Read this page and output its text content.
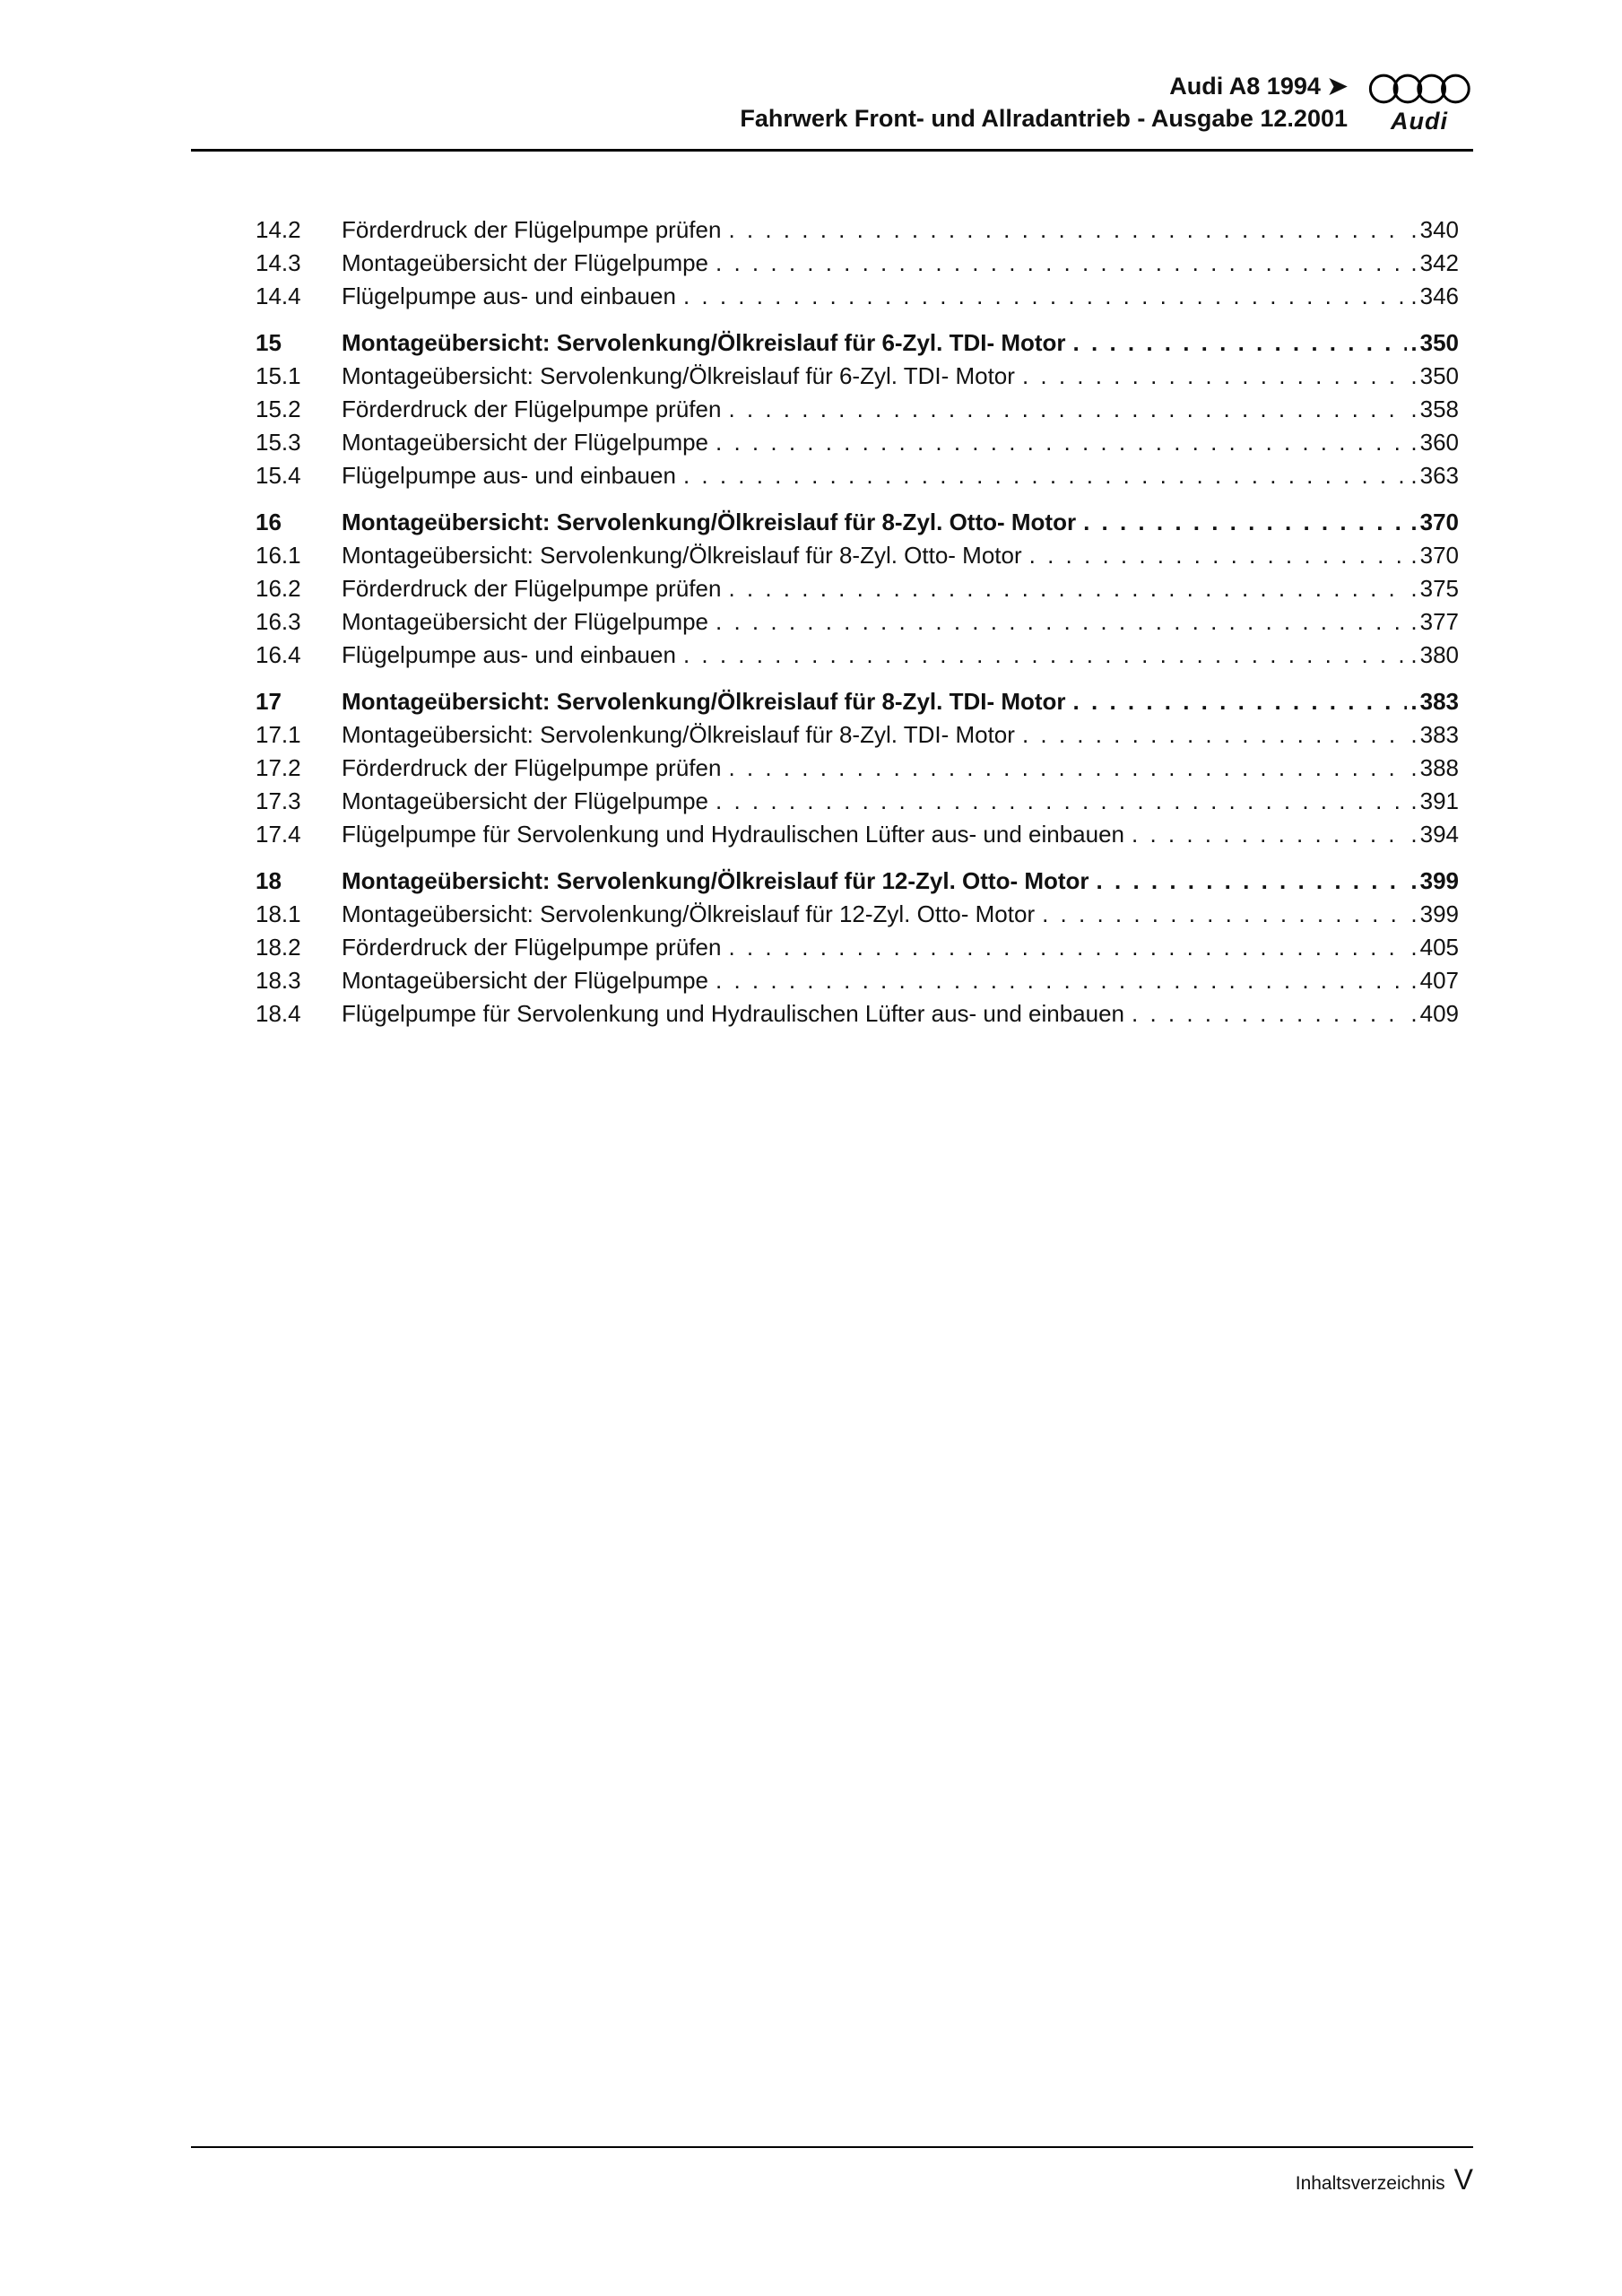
Audi A8 1994 ➤
Fahrwerk Front- und Allradantrieb - Ausgabe 12.2001 Audi
14.2	Förderdruck der Flügelpumpe prüfen . . .	. 340
14.3	Montageübersicht der Flügelpumpe . . .	. 342
14.4	Flügelpumpe aus- und einbauen . . .	. 346
15	Montageübersicht: Servolenkung/Ölkreislauf für 6-Zyl. TDI- Motor . . .	. 350
15.1	Montageübersicht: Servolenkung/Ölkreislauf für 6-Zyl. TDI- Motor . . .	. 350
15.2	Förderdruck der Flügelpumpe prüfen . . .	. 358
15.3	Montageübersicht der Flügelpumpe . . .	. 360
15.4	Flügelpumpe aus- und einbauen . . .	. 363
16	Montageübersicht: Servolenkung/Ölkreislauf für 8-Zyl. Otto- Motor . . .	. 370
16.1	Montageübersicht: Servolenkung/Ölkreislauf für 8-Zyl. Otto- Motor . . .	. 370
16.2	Förderdruck der Flügelpumpe prüfen . . .	. 375
16.3	Montageübersicht der Flügelpumpe . . .	. 377
16.4	Flügelpumpe aus- und einbauen . . .	. 380
17	Montageübersicht: Servolenkung/Ölkreislauf für 8-Zyl. TDI- Motor . . .	. 383
17.1	Montageübersicht: Servolenkung/Ölkreislauf für 8-Zyl. TDI- Motor . . .	. 383
17.2	Förderdruck der Flügelpumpe prüfen . . .	. 388
17.3	Montageübersicht der Flügelpumpe . . .	. 391
17.4	Flügelpumpe für Servolenkung und Hydraulischen Lüfter aus- und einbauen . . .	. 394
18	Montageübersicht: Servolenkung/Ölkreislauf für 12-Zyl. Otto- Motor . . .	. 399
18.1	Montageübersicht: Servolenkung/Ölkreislauf für 12-Zyl. Otto- Motor . . .	. 399
18.2	Förderdruck der Flügelpumpe prüfen . . .	. 405
18.3	Montageübersicht der Flügelpumpe . . .	. 407
18.4	Flügelpumpe für Servolenkung und Hydraulischen Lüfter aus- und einbauen . . .	. 409
Inhaltsverzeichnis V
